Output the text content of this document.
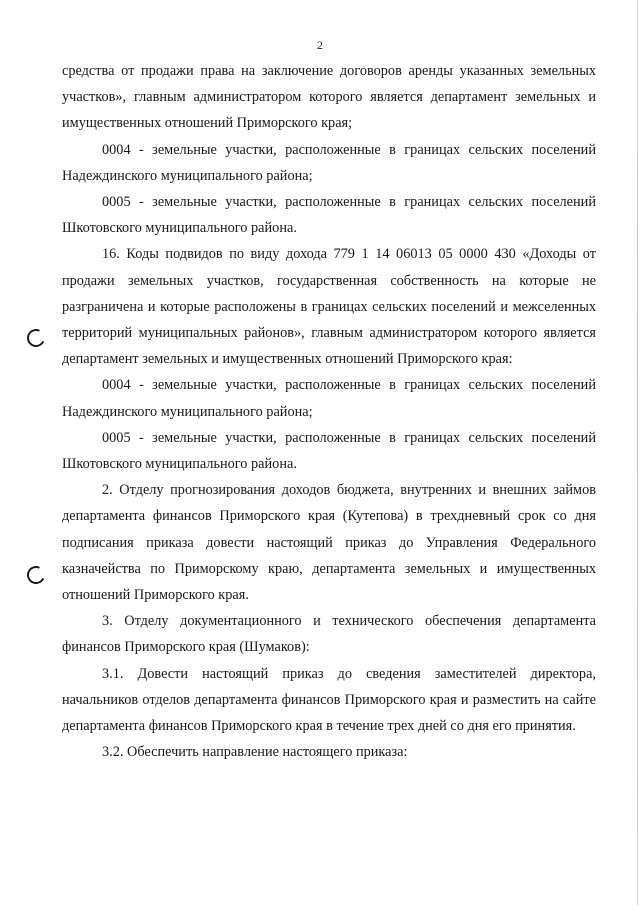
2

средства от продажи права на заключение договоров аренды указанных земельных участков», главным администратором которого является департамент земельных и имущественных отношений Приморского края;

0004 - земельные участки, расположенные в границах сельских поселений Надеждинского муниципального района;

0005 - земельные участки, расположенные в границах сельских поселений Шкотовского муниципального района.

16. Коды подвидов по виду дохода 779 1 14 06013 05 0000 430 «Доходы от продажи земельных участков, государственная собственность на которые не разграничена и которые расположены в границах сельских поселений и межселенных территорий муниципальных районов», главным администратором которого является департамент земельных и имущественных отношений Приморского края:

0004 - земельные участки, расположенные в границах сельских поселений Надеждинского муниципального района;

0005 - земельные участки, расположенные в границах сельских поселений Шкотовского муниципального района.

2. Отделу прогнозирования доходов бюджета, внутренних и внешних займов департамента финансов Приморского края (Кутепова) в трехдневный срок со дня подписания приказа довести настоящий приказ до Управления Федерального казначейства по Приморскому краю, департамента земельных и имущественных отношений Приморского края.

3. Отделу документационного и технического обеспечения департамента финансов Приморского края (Шумаков):

3.1. Довести настоящий приказ до сведения заместителей директора, начальников отделов департамента финансов Приморского края и разместить на сайте департамента финансов Приморского края в течение трех дней со дня его принятия.

3.2. Обеспечить направление настоящего приказа:
